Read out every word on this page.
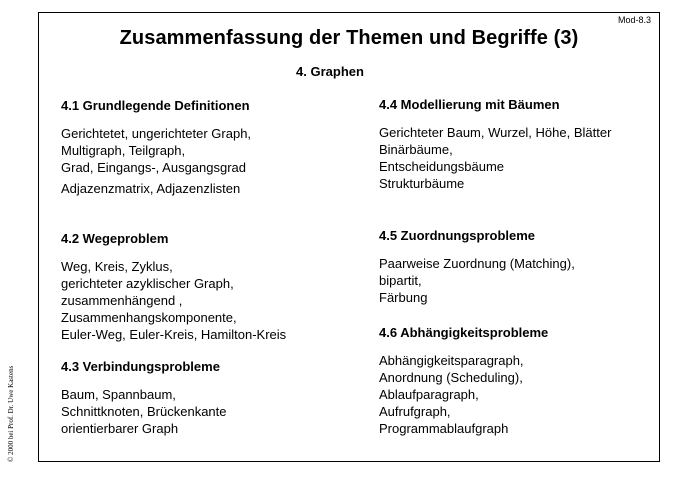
Mod-8.3
Zusammenfassung der Themen und Begriffe (3)
4. Graphen
4.1 Grundlegende Definitionen
Gerichtetet, ungerichteter Graph,
Multigraph, Teilgraph,
Grad, Eingangs-, Ausgangsgrad
Adjazenzmatrix, Adjazenzlisten
4.2 Wegeproblem
Weg, Kreis, Zyklus,
gerichteter azyklischer Graph,
zusammenhängend ,
Zusammenhangskomponente,
Euler-Weg, Euler-Kreis, Hamilton-Kreis
4.3 Verbindungsprobleme
Baum, Spannbaum,
Schnittknoten, Brückenkante
orientierbarer Graph
4.4 Modellierung mit Bäumen
Gerichteter Baum, Wurzel, Höhe, Blätter
Binärbäume,
Entscheidungsbäume
Strukturbäume
4.5 Zuordnungsprobleme
Paarweise Zuordnung (Matching),
bipartit,
Färbung
4.6 Abhängigkeitsprobleme
Abhängigkeitsparagraph,
Anordnung (Scheduling),
Ablaufparagraph,
Aufrufgraph,
Programmablaufgraph
© 2000 bei Prof. Dr. Uwe Kastens
